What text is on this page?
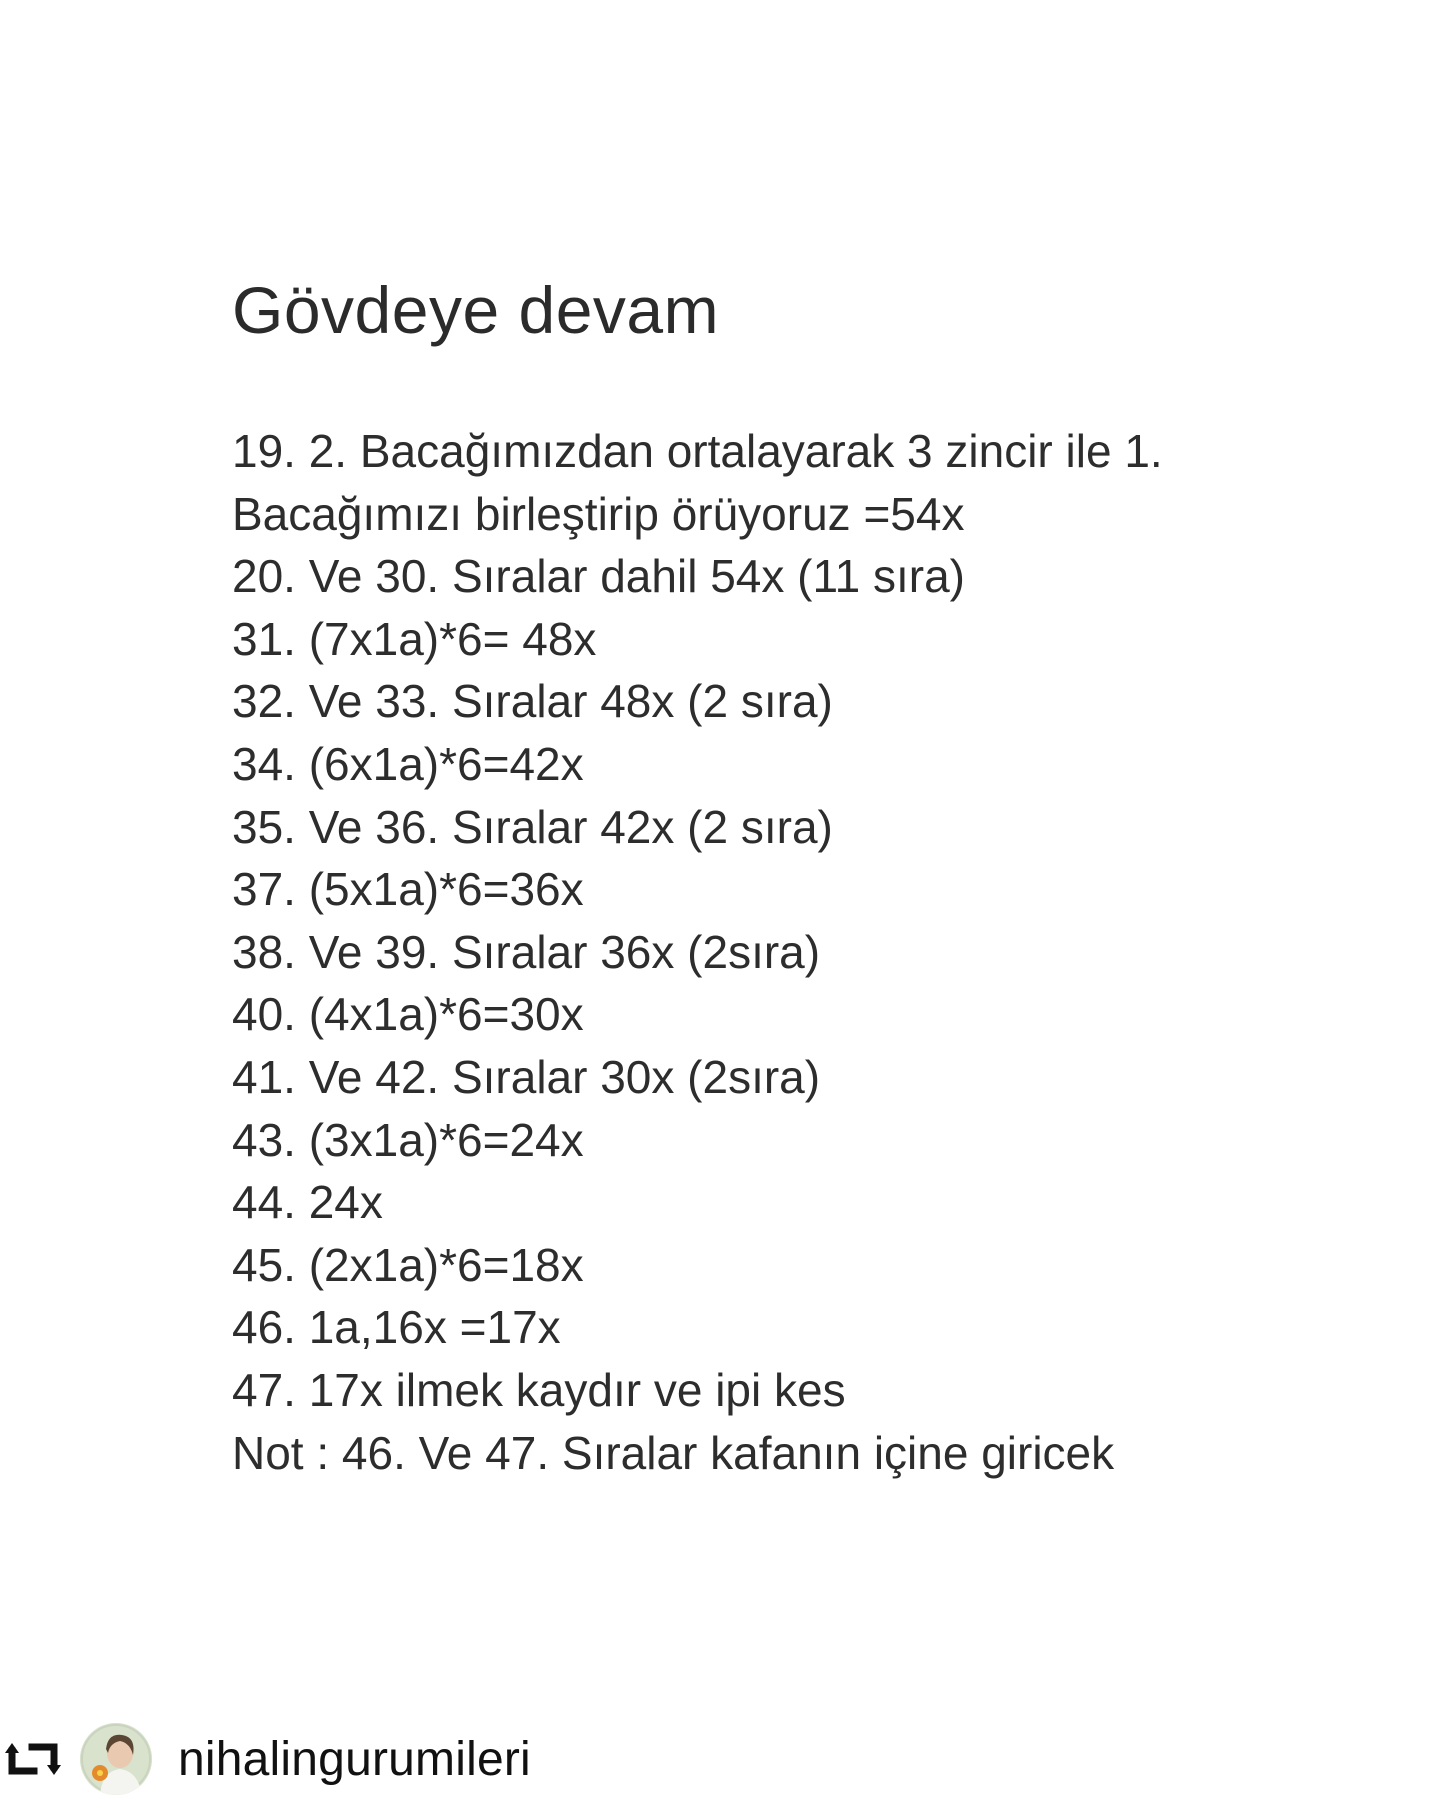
Gövdeye devam

19. 2. Bacağımızdan ortalayarak 3 zincir ile 1.

Bacağımızı birleştirip örüyoruz =54x

20. Ve 30. Sıralar dahil 54x (11 sıra)

31. (7x1a)*6= 48x

32. Ve 33. Sıralar 48x (2 sıra)

34. (6x1a)*6=42x

35. Ve 36. Sıralar 42x (2 sıra)

37. (5x1a)*6=36x

38. Ve 39. Sıralar 36x (2sıra)

40. (4x1a)*6=30x

41. Ve 42. Sıralar 30x (2sıra)

43. (3x1a)*6=24x

44. 24x

45. (2x1a)*6=18x

46. 1a,16x =17x

47. 17x ilmek kaydır ve ipi kes

Not : 46. Ve 47. Sıralar kafanın içine giricek

nihalingurumileri
